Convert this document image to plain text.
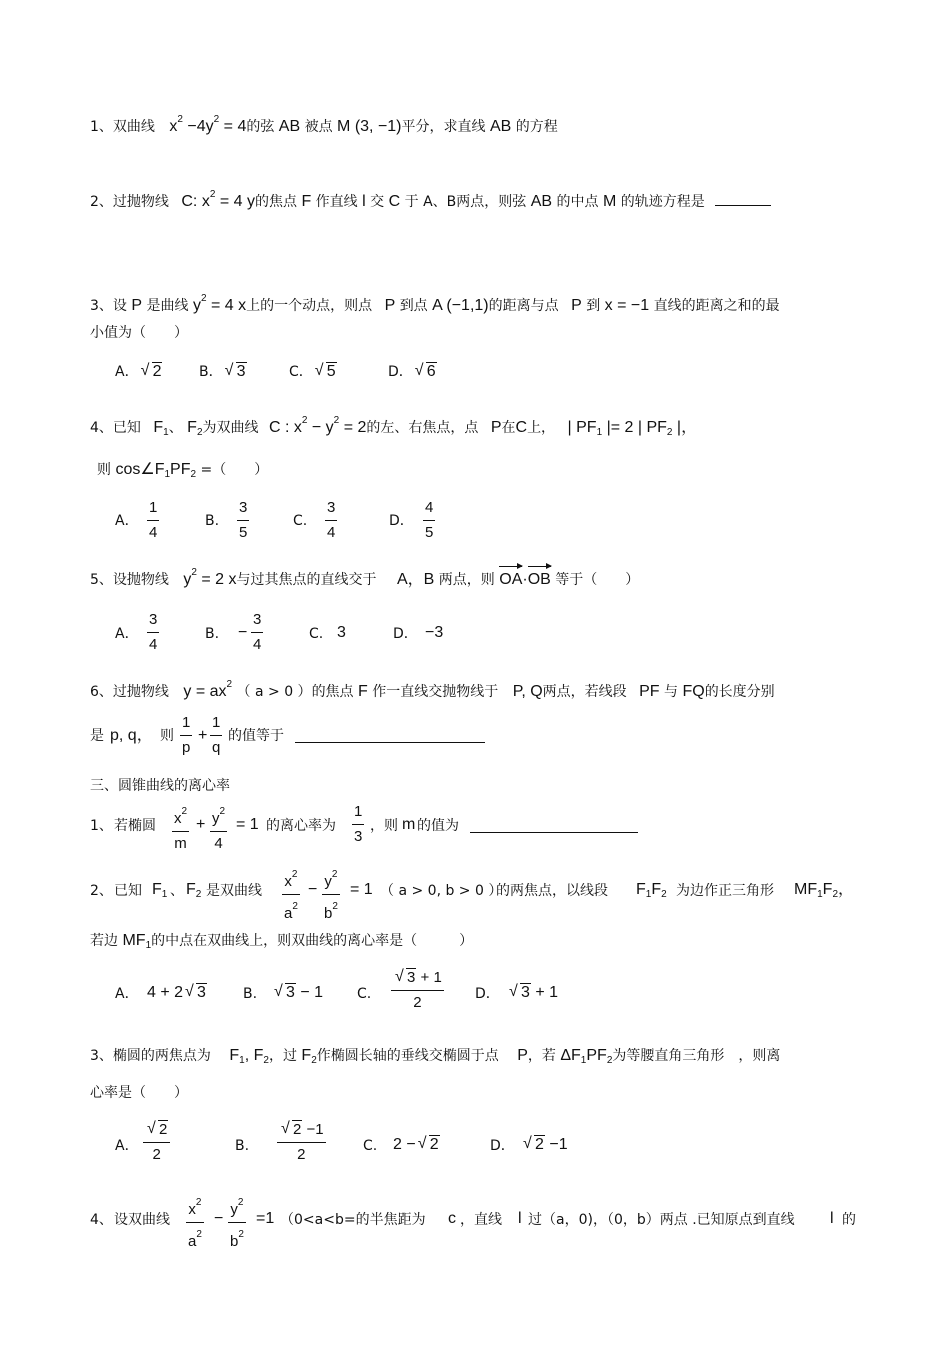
1、双曲线 $x^2 -4y^2 = 4$的弦 AB 被点 M (3, −1)平分，求直线 AB 的方程
2、过抛物线 C: $x^2 = 4$ y的焦点 F 作直线 l 交 C 于 A、B两点，则弦 AB 的中点 M 的轨迹方程是
3、设 P 是曲线 $y^2 = 4$ x上的一个动点，则点 P 到点 A (−1,1)的距离与点 P 到 x = −1 直线的距离之和的最
小值为（　　）
A． √ 2	B． √ 3	C． √ 5	D． √ 6
4、已知 $F_1$、 $F_2$为双曲线 C : $x^2 - y^2 = 2$的左、右焦点，点 P在C上， | $PF_1$ |= 2 | $PF_2$ |，
则 $\cos\angle F_1PF_2$ =（　　）
A． $\frac{1}{4}$	B. $\frac{3}{5}$	C. $\frac{3}{4}$	D． $\frac{4}{5}$
5、设抛物线 $y^2 = 2$ x与过其焦点的直线交于 A，B 两点，则 OA·OB 等于（　　）
A． $\frac{3}{4}$	B. − $\frac{3}{4}$	C. 3	D． −3
6、过抛物线 $y = ax^2$ （ a > 0 ）的焦点 F 作一直线交抛物线于 P, Q两点，若线段 PF 与 FQ的长度分别
是 p, q， 则 $\frac{1}{p} + \frac{1}{q}$ 的值等于
三、圆锥曲线的离心率
1、 若椭圆 $\frac{x^2}{m} + \frac{y^2}{4} = 1$ 的离心率为 $\frac{1}{3}$ ，则 m 的值为
2、 已知 $F_1$ 、 $F_2$ 是双曲线 $\frac{x^2}{a^2} - \frac{y^2}{b^2} = 1$ （ a > 0, b > 0 ）
的两焦点，以线段 $F_1F_2$ 为边作正三角形 $MF_1F_2$，
若边 $MF_1$的中点在双曲线上，则双曲线的离心率是（　　　）
A． 4 + 2 √ 3	B.	√ 3 − 1 C. √ $\frac{3 + 1}{2}$ D．	√ 3 + 1
3、椭圆的两焦点为 $F_1$, $F_2$，过 $F_2$作椭圆长轴的垂线交椭圆于点 P，若 $\Delta F_1PF_2$为等腰直角三角形　，则离
心率是（　　）
A． √ $\frac{2}{2}$	B. √ $\frac{2 -1}{2}$	C. 2 − √ 2	D．	√ 2 −1
4、 设双曲线 $\frac{x^2}{a^2} - \frac{y^2}{b^2} =1$ （0<a<b=的半焦距为 c ，直线 l 过（a，0)，（0，b）两点 .已知原点到直线 l 的
